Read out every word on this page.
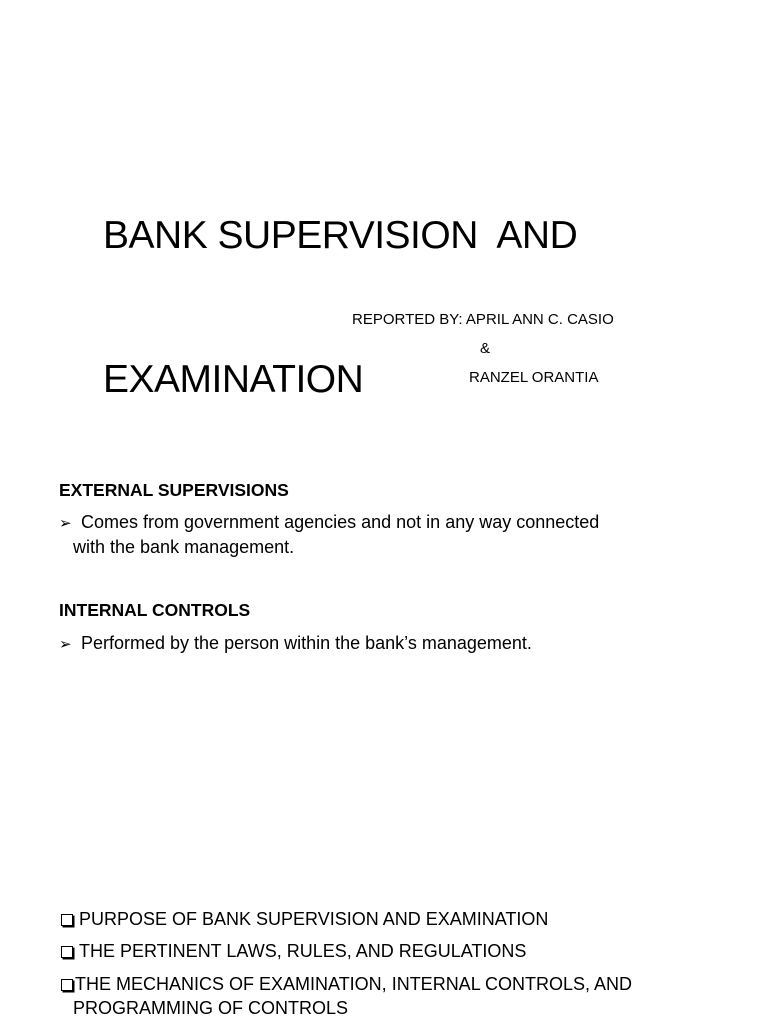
BANK SUPERVISION  AND

EXAMINATION

REPORTED BY: APRIL ANN C. CASIO
&
RANZEL ORANTIA
EXTERNAL SUPERVISIONS
➢ Comes from government agencies and not in any way connected
with the bank management.
INTERNAL CONTROLS
➢ Performed by the person within the bank’s management.
PURPOSE OF BANK SUPERVISION AND EXAMINATION
THE PERTINENT LAWS, RULES, AND REGULATIONS
THE MECHANICS OF EXAMINATION, INTERNAL CONTROLS, AND
PROGRAMMING OF CONTROLS
